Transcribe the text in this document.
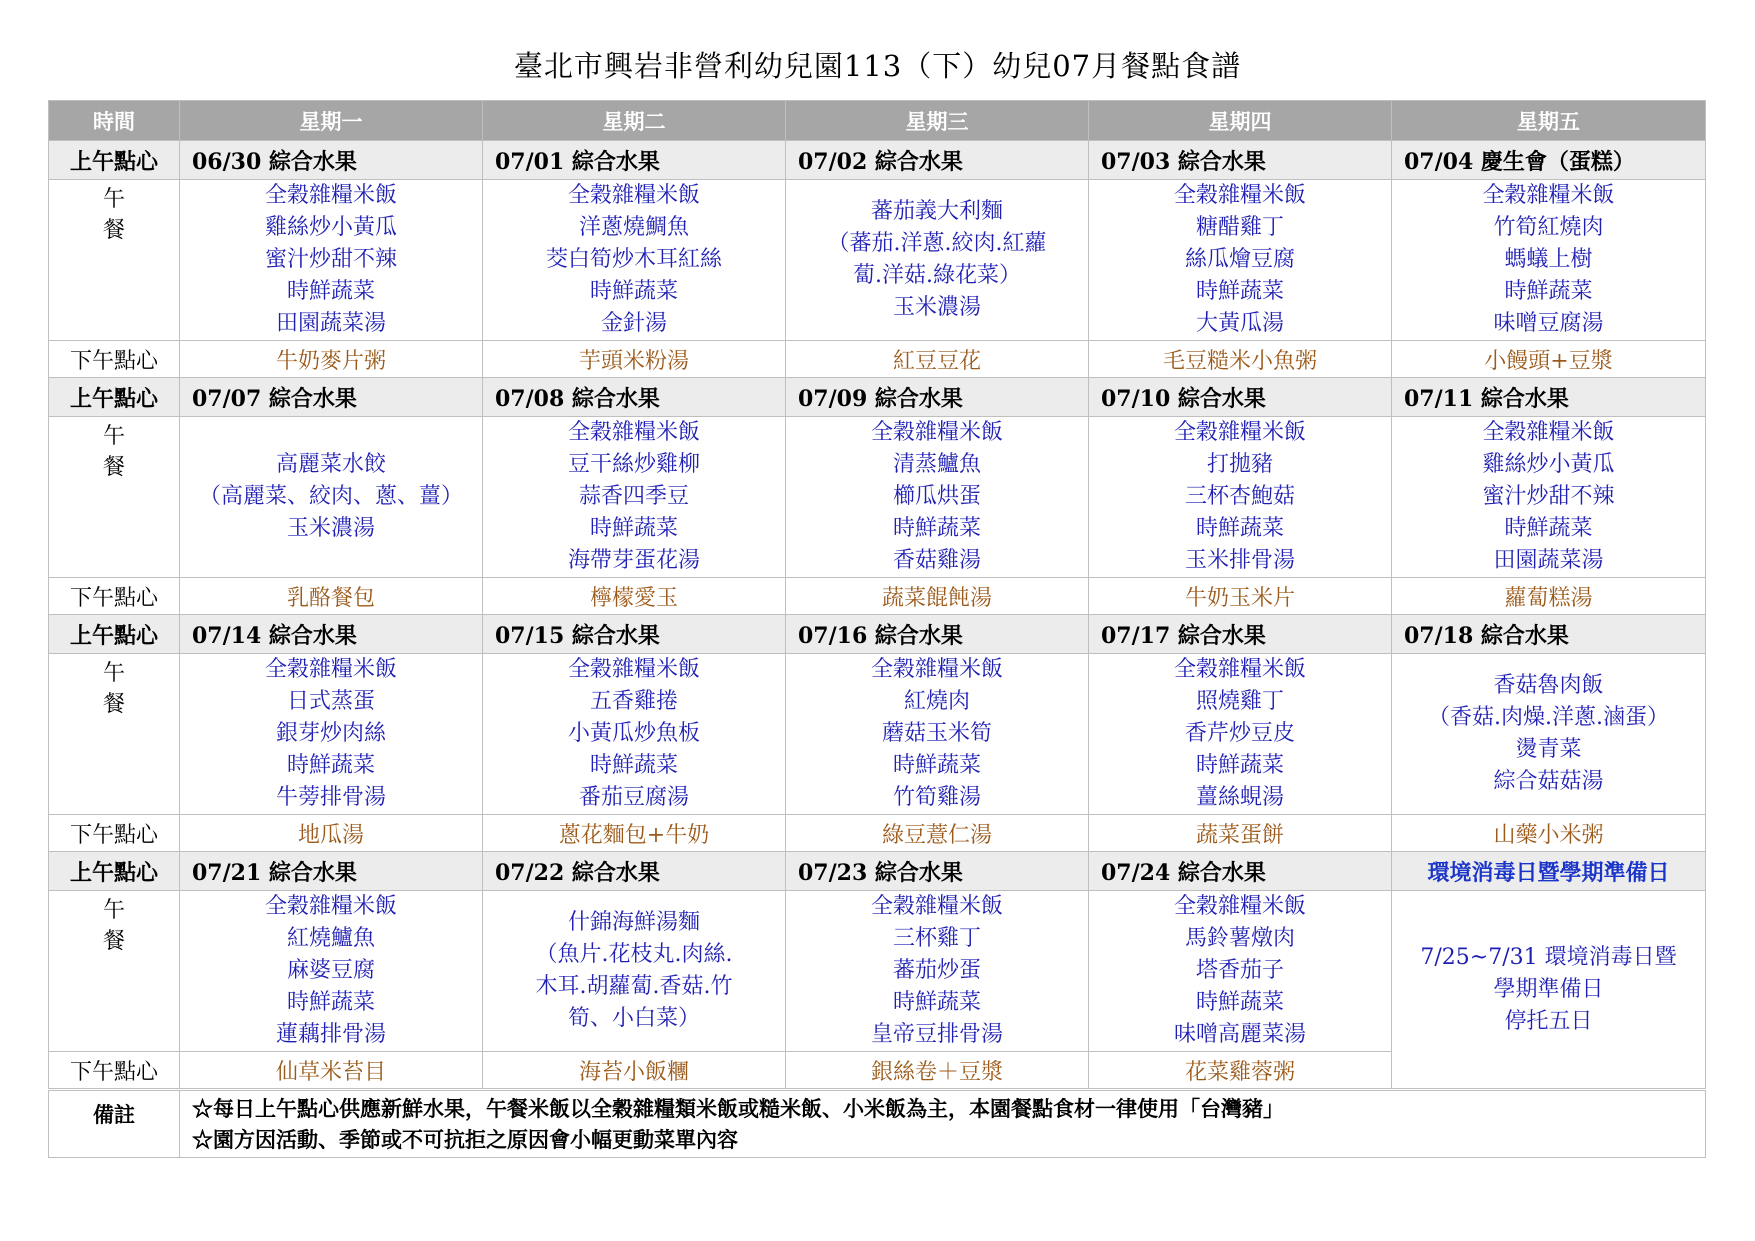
臺北市興岩非營利幼兒園113（下）幼兒07月餐點食譜
時間	星期一	星期二	星期三	星期四	星期五
上午點心	06/30 綜合水果	07/01 綜合水果	07/02 綜合水果	07/03 綜合水果	07/04 慶生會（蛋糕）

午
餐	全穀雜糧米飯
雞絲炒小黃瓜
蜜汁炒甜不辣
時鮮蔬菜
田園蔬菜湯	全穀雜糧米飯
洋蔥燒鯛魚
茭白筍炒木耳紅絲
時鮮蔬菜
金針湯	蕃茄義大利麵
（蕃茄.洋蔥.絞肉.紅蘿
蔔.洋菇.綠花菜）
玉米濃湯	全穀雜糧米飯
糖醋雞丁
絲瓜燴豆腐
時鮮蔬菜
大黃瓜湯	全穀雜糧米飯
竹筍紅燒肉
螞蟻上樹
時鮮蔬菜
味噌豆腐湯

下午點心	牛奶麥片粥	芋頭米粉湯	紅豆豆花	毛豆糙米小魚粥	小饅頭+豆漿
上午點心	07/07 綜合水果	07/08 綜合水果	07/09 綜合水果	07/10 綜合水果	07/11 綜合水果

午
餐	高麗菜水餃
（高麗菜、絞肉、蔥、薑）
玉米濃湯	全穀雜糧米飯
豆干絲炒雞柳
蒜香四季豆
時鮮蔬菜
海帶芽蛋花湯	全穀雜糧米飯
清蒸鱸魚
櫛瓜烘蛋
時鮮蔬菜
香菇雞湯	全穀雜糧米飯
打拋豬
三杯杏鮑菇
時鮮蔬菜
玉米排骨湯	全穀雜糧米飯
雞絲炒小黃瓜
蜜汁炒甜不辣
時鮮蔬菜
田園蔬菜湯

下午點心	乳酪餐包	檸檬愛玉	蔬菜餛飩湯	牛奶玉米片	蘿蔔糕湯
上午點心	07/14 綜合水果	07/15 綜合水果	07/16 綜合水果	07/17 綜合水果	07/18 綜合水果

午
餐	全穀雜糧米飯
日式蒸蛋
銀芽炒肉絲
時鮮蔬菜
牛蒡排骨湯	全穀雜糧米飯
五香雞捲
小黃瓜炒魚板
時鮮蔬菜
番茄豆腐湯	全穀雜糧米飯
紅燒肉
蘑菇玉米筍
時鮮蔬菜
竹筍雞湯	全穀雜糧米飯
照燒雞丁
香芹炒豆皮
時鮮蔬菜
薑絲蜆湯	香菇魯肉飯
（香菇.肉燥.洋蔥.滷蛋）
燙青菜
綜合菇菇湯

下午點心	地瓜湯	蔥花麵包+牛奶	綠豆薏仁湯	蔬菜蛋餅	山藥小米粥
上午點心	07/21 綜合水果	07/22 綜合水果	07/23 綜合水果	07/24 綜合水果	環境消毒日暨學期準備日

午
餐	全穀雜糧米飯
紅燒鱸魚
麻婆豆腐
時鮮蔬菜
蓮藕排骨湯	什錦海鮮湯麵
（魚片.花枝丸.肉絲.
木耳.胡蘿蔔.香菇.竹
筍、小白菜）	全穀雜糧米飯
三杯雞丁
蕃茄炒蛋
時鮮蔬菜
皇帝豆排骨湯	全穀雜糧米飯
馬鈴薯燉肉
塔香茄子
時鮮蔬菜
味噌高麗菜湯	7/25~7/31 環境消毒日暨
學期準備日
停托五日

下午點心	仙草米苔目	海苔小飯糰	銀絲卷＋豆漿	花菜雞蓉粥	
備註	☆每日上午點心供應新鮮水果，午餐米飯以全穀雜糧類米飯或糙米飯、小米飯為主，本園餐點食材一律使用「台灣豬」
☆園方因活動、季節或不可抗拒之原因會小幅更動菜單內容				
